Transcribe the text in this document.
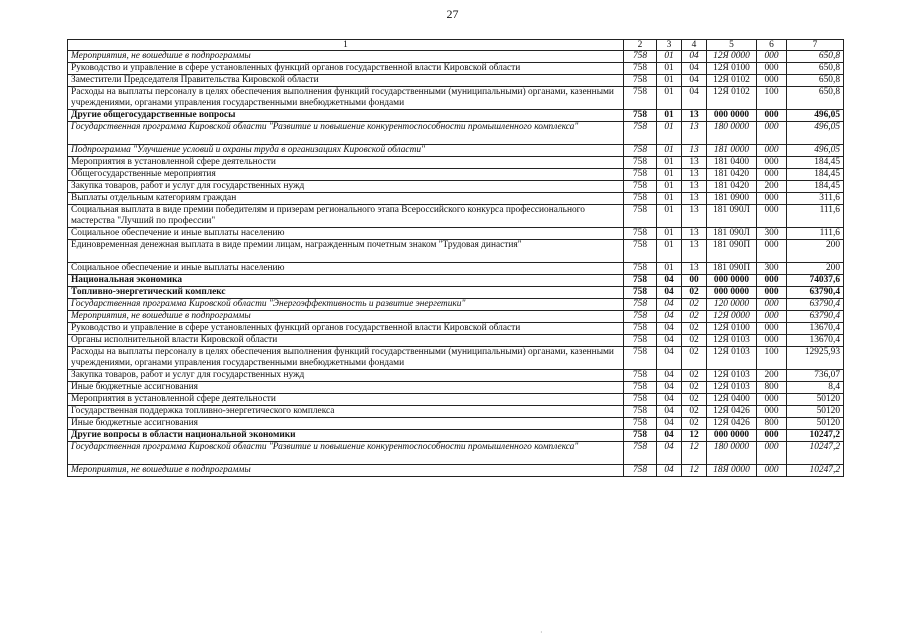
27
1	2	3	4	5	6	7
Мероприятия, не вошедшие в подпрограммы	758	01	04	12Я 0000	000	650,8
Руководство и управление в сфере установленных функций органов государственной власти Кировской области	758	01	04	12Я 0100	000	650,8
Заместители Председателя Правительства Кировской области	758	01	04	12Я 0102	000	650,8
Расходы на выплаты персоналу в целях обеспечения выполнения функций государственными (муниципальными) органами, казенными учреждениями, органами управления государственными внебюджетными фондами	758	01	04	12Я 0102	100	650,8
Другие общегосударственные вопросы	758	01	13	000 0000	000	496,05
Государственная программа Кировской области "Развитие и повышение конкурентоспособности промышленного комплекса"	758	01	13	180 0000	000	496,05
Подпрограмма "Улучшение условий и охраны труда в организациях Кировской области"	758	01	13	181 0000	000	496,05
Мероприятия в установленной сфере деятельности	758	01	13	181 0400	000	184,45
Общегосударственные мероприятия	758	01	13	181 0420	000	184,45
Закупка товаров, работ и услуг для государственных нужд	758	01	13	181 0420	200	184,45
Выплаты отдельным категориям граждан	758	01	13	181 0900	000	311,6
Социальная выплата в виде премии победителям и призерам регионального этапа Всероссийского конкурса профессионального мастерства "Лучший по профессии"	758	01	13	181 090Л	000	111,6
Социальное обеспечение и иные выплаты населению	758	01	13	181 090Л	300	111,6
Единовременная денежная выплата в виде премии лицам, награжденным почетным знаком "Трудовая династия"	758	01	13	181 090П	000	200
Социальное обеспечение и иные выплаты населению	758	01	13	181 090П	300	200
Национальная экономика	758	04	00	000 0000	000	74037,6
Топливно-энергетический комплекс	758	04	02	000 0000	000	63790,4
Государственная программа Кировской области "Энергоэффективность и развитие энергетики"	758	04	02	120 0000	000	63790,4
Мероприятия, не вошедшие в подпрограммы	758	04	02	12Я 0000	000	63790,4
Руководство и управление в сфере установленных функций органов государственной власти Кировской области	758	04	02	12Я 0100	000	13670,4
Органы исполнительной власти Кировской области	758	04	02	12Я 0103	000	13670,4
Расходы на выплаты персоналу в целях обеспечения выполнения функций государственными (муниципальными) органами, казенными учреждениями, органами управления государственными внебюджетными фондами	758	04	02	12Я 0103	100	12925,93
Закупка товаров, работ и услуг для государственных нужд	758	04	02	12Я 0103	200	736,07
Иные бюджетные ассигнования	758	04	02	12Я 0103	800	8,4
Мероприятия в установленной сфере деятельности	758	04	02	12Я 0400	000	50120
Государственная поддержка топливно-энергетического комплекса	758	04	02	12Я 0426	000	50120
Иные бюджетные ассигнования	758	04	02	12Я 0426	800	50120
Другие вопросы в области национальной экономики	758	04	12	000 0000	000	10247,2
Государственная программа Кировской области "Развитие и повышение конкурентоспособности промышленного комплекса"	758	04	12	180 0000	000	10247,2
Мероприятия, не вошедшие в подпрограммы	758	04	12	18Я 0000	000	10247,2
·
